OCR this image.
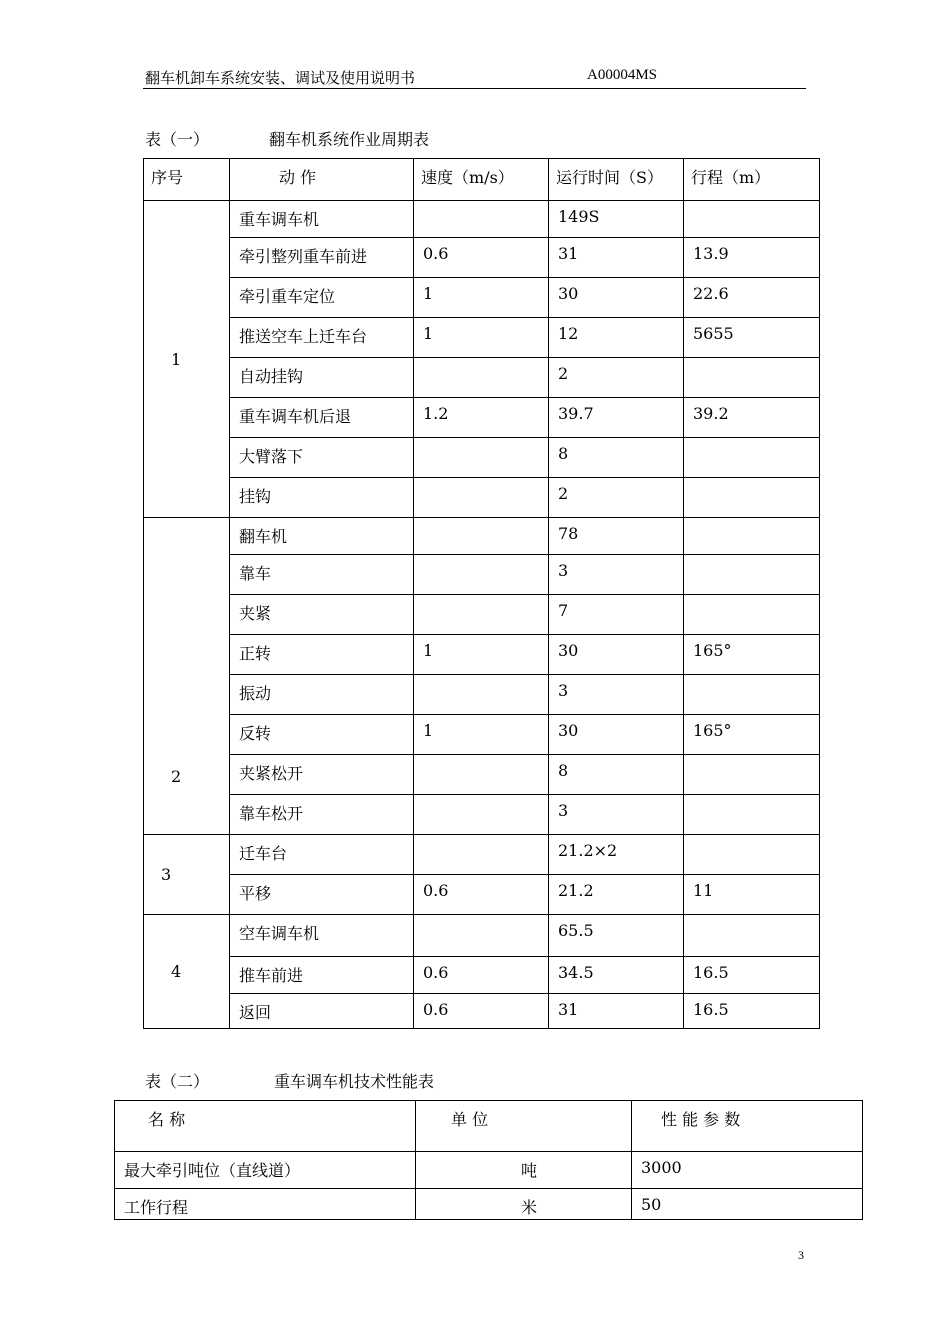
翻车机卸车系统安装、调试及使用说明书	A00004MS
表（一）	翻车机系统作业周期表
序号	动 作	速度（m/s）	运行时间（S）	行程（m）

1	重车调车机		149S	

	牵引整列重车前进	0.6	31	13.9

	牵引重车定位	1	30	22.6

	推送空车上迁车台	1	12	5655

	自动挂钩		2	

	重车调车机后退	1.2	39.7	39.2

	大臂落下		8	

	挂钩		2	

2	翻车机		78	

	靠车		3	

	夹紧		7	

	正转	1	30	165°

	振动		3	

	反转	1	30	165°

	夹紧松开		8	

	靠车松开		3	

3	迁车台		21.2×2	

	平移	0.6	21.2	11

4	空车调车机		65.5	

	推车前进	0.6	34.5	16.5

	返回	0.6	31	16.5
表（二）	重车调车机技术性能表
名 称	单 位	性 能 参 数

最大牵引吨位（直线道）	吨	3000

工作行程	米	50
3
